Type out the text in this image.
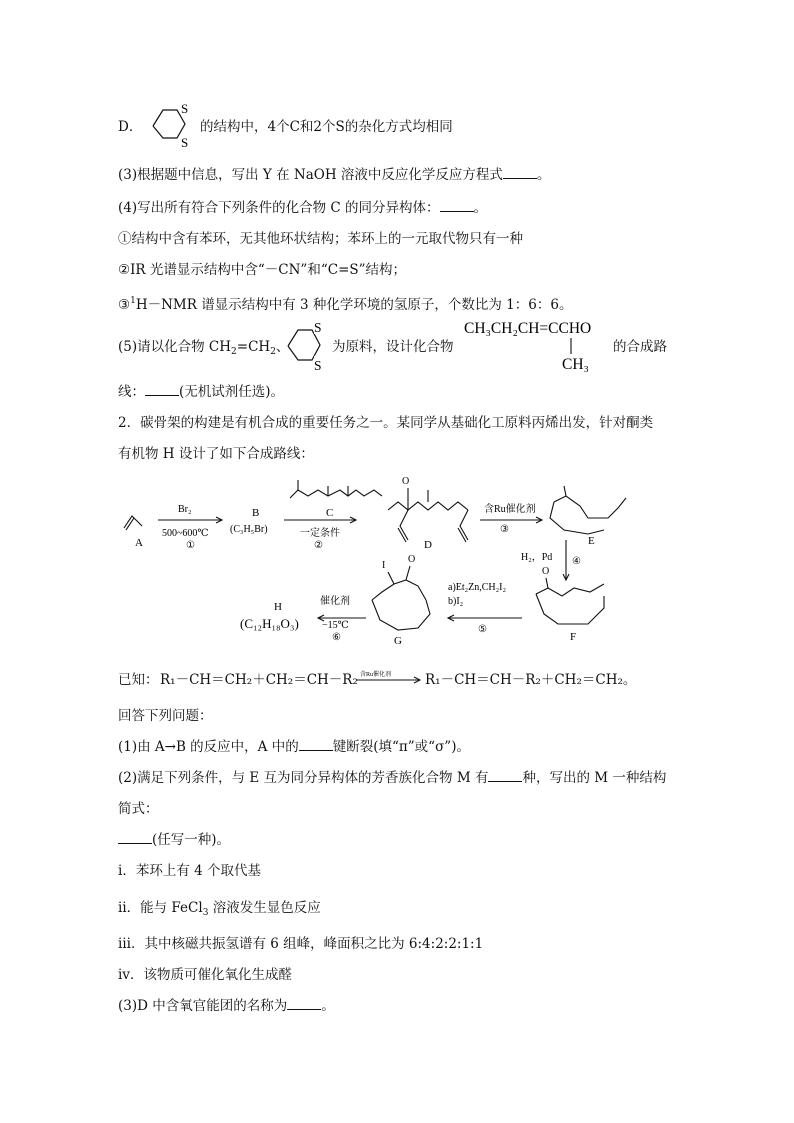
D．
S
S
的结构中，4个C和2个S的杂化方式均相同
(3)根据题中信息，写出 Y 在 NaOH 溶液中反应化学反应方程式	。
(4)写出所有符合下列条件的化合物 C 的同分异构体：	。
①结构中含有苯环，无其他环状结构；苯环上的一元取代物只有一种
②IR 光谱显示结构中含“－CN”和“C=S”结构；
③$^1$H－NMR 谱显示结构中有 3 种化学环境的氢原子，个数比为 1：6：6。
(5)请以化合物 $CH_2=CH_2$、
S
S
为原料，设计化合物
CH₃CH₂CH=CCHO
CH₃
的合成路
线：	(无机试剂任选)。
2．碳骨架的构建是有机合成的重要任务之一。某同学从基础化工原料丙烯出发，针对酮类
有机物 H 设计了如下合成路线：
A
Br₂
500~600℃
①
B
(C₃H₅Br)
C
一定条件
②
O
D
含Ru催化剂
③
E
H₂，Pd
O
④
F
a)Et₂Zn,CH₂I₂
b)I₂
⑤
I
O
G
催化剂
−15℃
⑥
H
(C₁₂H₁₈O₃)
已知： R₁－CH＝CH₂＋CH₂＝CH－R₂ 含Ru催化剂	R₁－CH＝CH－R₂＋CH₂＝CH₂。
回答下列问题：
(1)由 A→B 的反应中，A 中的	键断裂(填“π”或“σ”)。
(2)满足下列条件，与 E 互为同分异构体的芳香族化合物 M 有	种，写出的 M 一种结构
简式：
(任写一种)。
ⅰ．苯环上有 4 个取代基
ⅱ．能与 FeCl$_3$ 溶液发生显色反应
ⅲ．其中核磁共振氢谱有 6 组峰，峰面积之比为 6:4:2:2:1:1
ⅳ．该物质可催化氧化生成醛
(3)D 中含氧官能团的名称为	。
